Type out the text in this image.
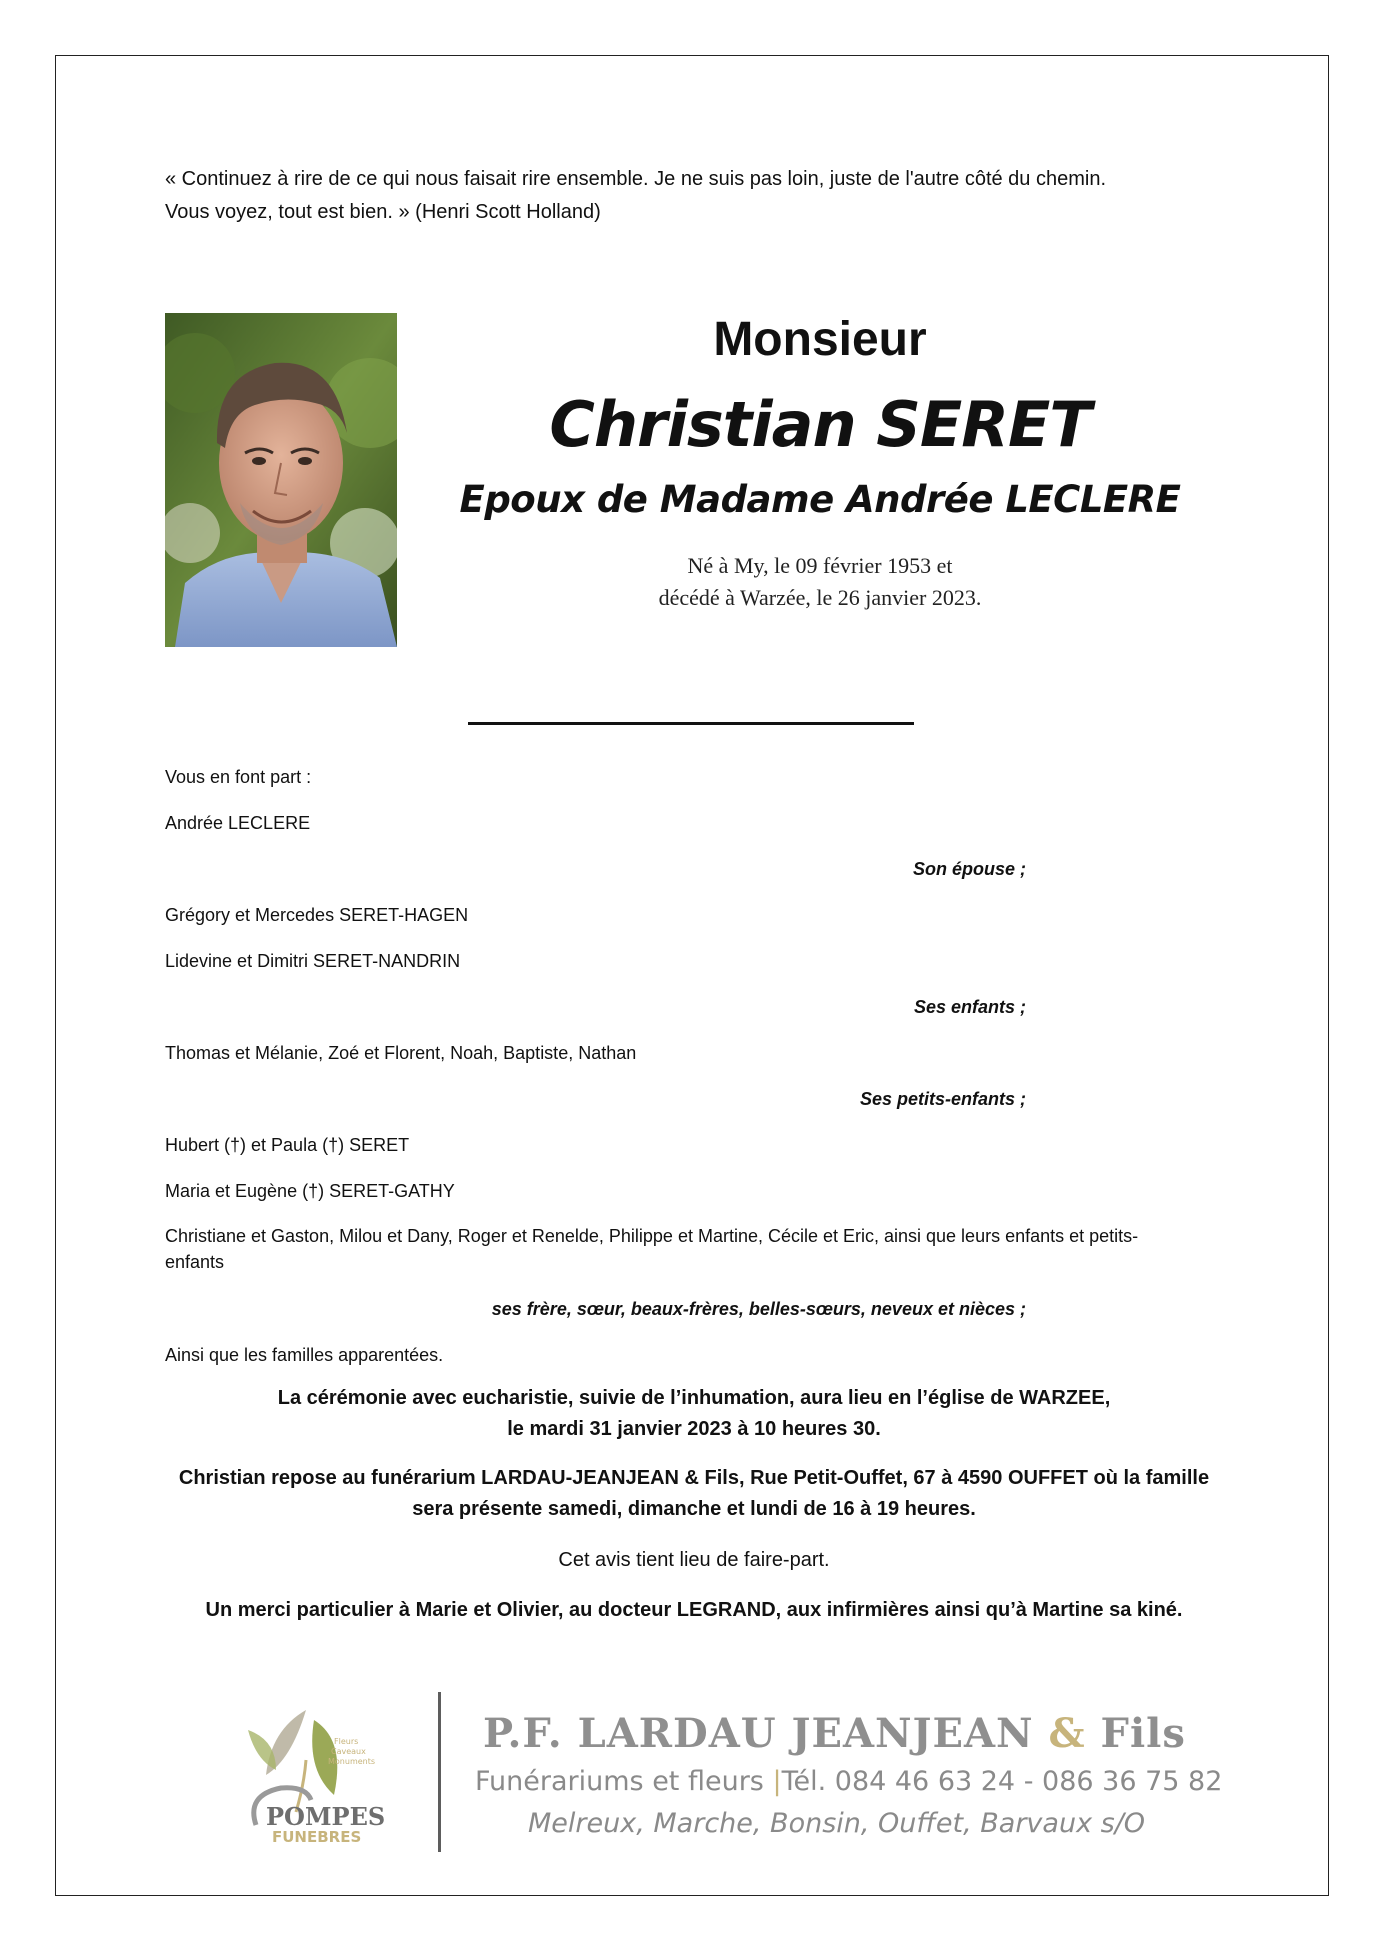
« Continuez à rire de ce qui nous faisait rire ensemble. Je ne suis pas loin, juste de l'autre côté du chemin.
Vous voyez, tout est bien. » (Henri Scott Holland)
Monsieur
Christian SERET
Epoux de Madame Andrée LECLERE
Né à My, le 09 février 1953 et
décédé à Warzée, le 26 janvier 2023.
Vous en font part :
Andrée LECLERE
Son épouse ;
Grégory et Mercedes SERET-HAGEN
Lidevine et Dimitri SERET-NANDRIN
Ses enfants ;
Thomas et Mélanie, Zoé et Florent, Noah, Baptiste, Nathan
Ses petits-enfants ;
Hubert (†) et Paula (†) SERET
Maria et Eugène (†) SERET-GATHY
Christiane et Gaston, Milou et Dany, Roger et Renelde, Philippe et Martine, Cécile et Eric, ainsi que leurs enfants et petits-
enfants
ses frère, sœur, beaux-frères, belles-sœurs, neveux et nièces ;
Ainsi que les familles apparentées.
La cérémonie avec eucharistie, suivie de l’inhumation, aura lieu en l’église de WARZEE,
le mardi 31 janvier 2023 à 10 heures 30.
Christian repose au funérarium LARDAU-JEANJEAN & Fils, Rue Petit-Ouffet, 67 à 4590 OUFFET où la famille
sera présente samedi, dimanche et lundi de 16 à 19 heures.
Cet avis tient lieu de faire-part.
Un merci particulier à Marie et Olivier, au docteur LEGRAND, aux infirmières ainsi qu’à Martine sa kiné.
Fleurs
Caveaux
Monuments
POMPES
FUNEBRES
P.F. LARDAU JEANJEAN & Fils
Funérariums et fleurs |Tél. 084 46 63 24 - 086 36 75 82
Melreux, Marche, Bonsin, Ouffet, Barvaux s/O
